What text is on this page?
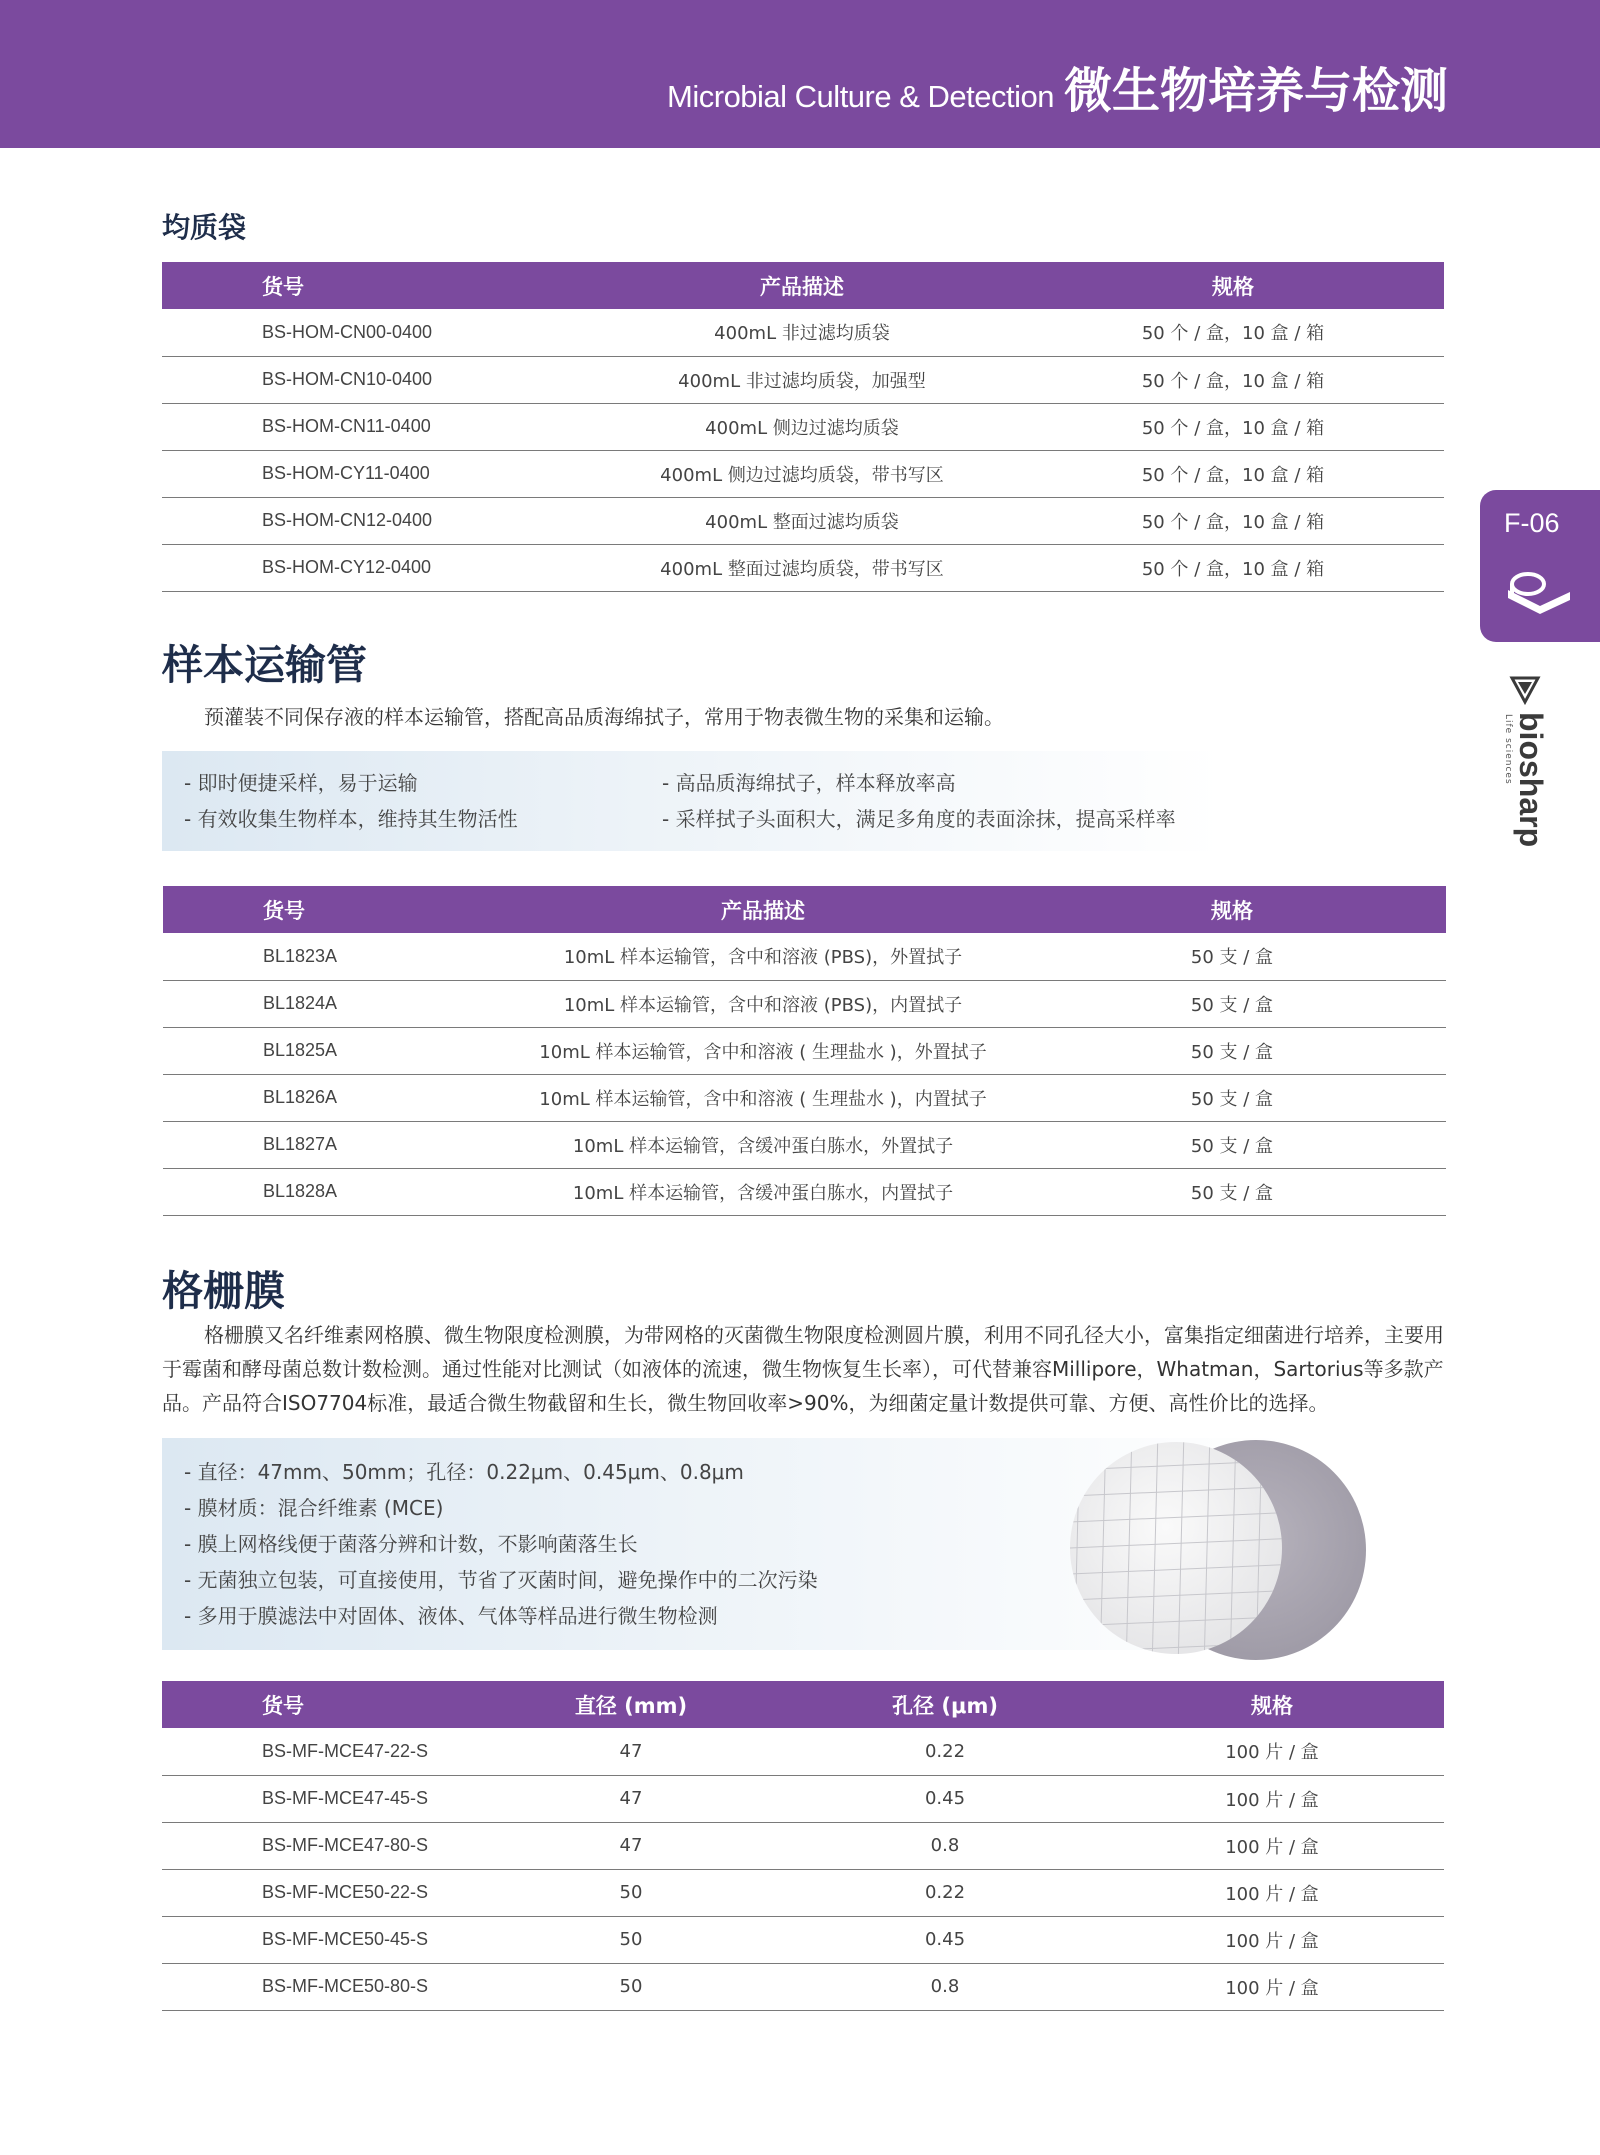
Microbial Culture & Detection 微生物培养与检测
F-06
biosharp
Life sciences
均质袋
货号	产品描述	规格
BS-HOM-CN00-0400	400mL 非过滤均质袋	50 个 / 盒，10 盒 / 箱
BS-HOM-CN10-0400	400mL 非过滤均质袋，加强型	50 个 / 盒，10 盒 / 箱
BS-HOM-CN11-0400	400mL 侧边过滤均质袋	50 个 / 盒，10 盒 / 箱
BS-HOM-CY11-0400	400mL 侧边过滤均质袋，带书写区	50 个 / 盒，10 盒 / 箱
BS-HOM-CN12-0400	400mL 整面过滤均质袋	50 个 / 盒，10 盒 / 箱
BS-HOM-CY12-0400	400mL 整面过滤均质袋，带书写区	50 个 / 盒，10 盒 / 箱
样本运输管
预灌装不同保存液的样本运输管，搭配高品质海绵拭子，常用于物表微生物的采集和运输。
- 即时便捷采样，易于运输	- 高品质海绵拭子，样本释放率高
- 有效收集生物样本，维持其生物活性	- 采样拭子头面积大，满足多角度的表面涂抹，提高采样率
货号	产品描述	规格
BL1823A	10mL 样本运输管，含中和溶液 (PBS)，外置拭子	50 支 / 盒
BL1824A	10mL 样本运输管，含中和溶液 (PBS)，内置拭子	50 支 / 盒
BL1825A	10mL 样本运输管，含中和溶液 ( 生理盐水 )，外置拭子	50 支 / 盒
BL1826A	10mL 样本运输管，含中和溶液 ( 生理盐水 )，内置拭子	50 支 / 盒
BL1827A	10mL 样本运输管，含缓冲蛋白胨水，外置拭子	50 支 / 盒
BL1828A	10mL 样本运输管，含缓冲蛋白胨水，内置拭子	50 支 / 盒
格栅膜
格栅膜又名纤维素网格膜、微生物限度检测膜，为带网格的灭菌微生物限度检测圆片膜，利用不同孔径大小，富集指定细菌进行培养，主要用于霉菌和酵母菌总数计数检测。通过性能对比测试（如液体的流速，微生物恢复生长率），可代替兼容Millipore，Whatman，Sartorius等多款产品。产品符合ISO7704标准，最适合微生物截留和生长，微生物回收率>90%，为细菌定量计数提供可靠、方便、高性价比的选择。
- 直径：47mm、50mm；孔径：0.22μm、0.45μm、0.8μm
- 膜材质：混合纤维素 (MCE)
- 膜上网格线便于菌落分辨和计数，不影响菌落生长
- 无菌独立包装，可直接使用，节省了灭菌时间，避免操作中的二次污染
- 多用于膜滤法中对固体、液体、气体等样品进行微生物检测
货号	直径 (mm)	孔径 (μm)	规格
BS-MF-MCE47-22-S	47	0.22	100 片 / 盒
BS-MF-MCE47-45-S	47	0.45	100 片 / 盒
BS-MF-MCE47-80-S	47	0.8	100 片 / 盒
BS-MF-MCE50-22-S	50	0.22	100 片 / 盒
BS-MF-MCE50-45-S	50	0.45	100 片 / 盒
BS-MF-MCE50-80-S	50	0.8	100 片 / 盒
